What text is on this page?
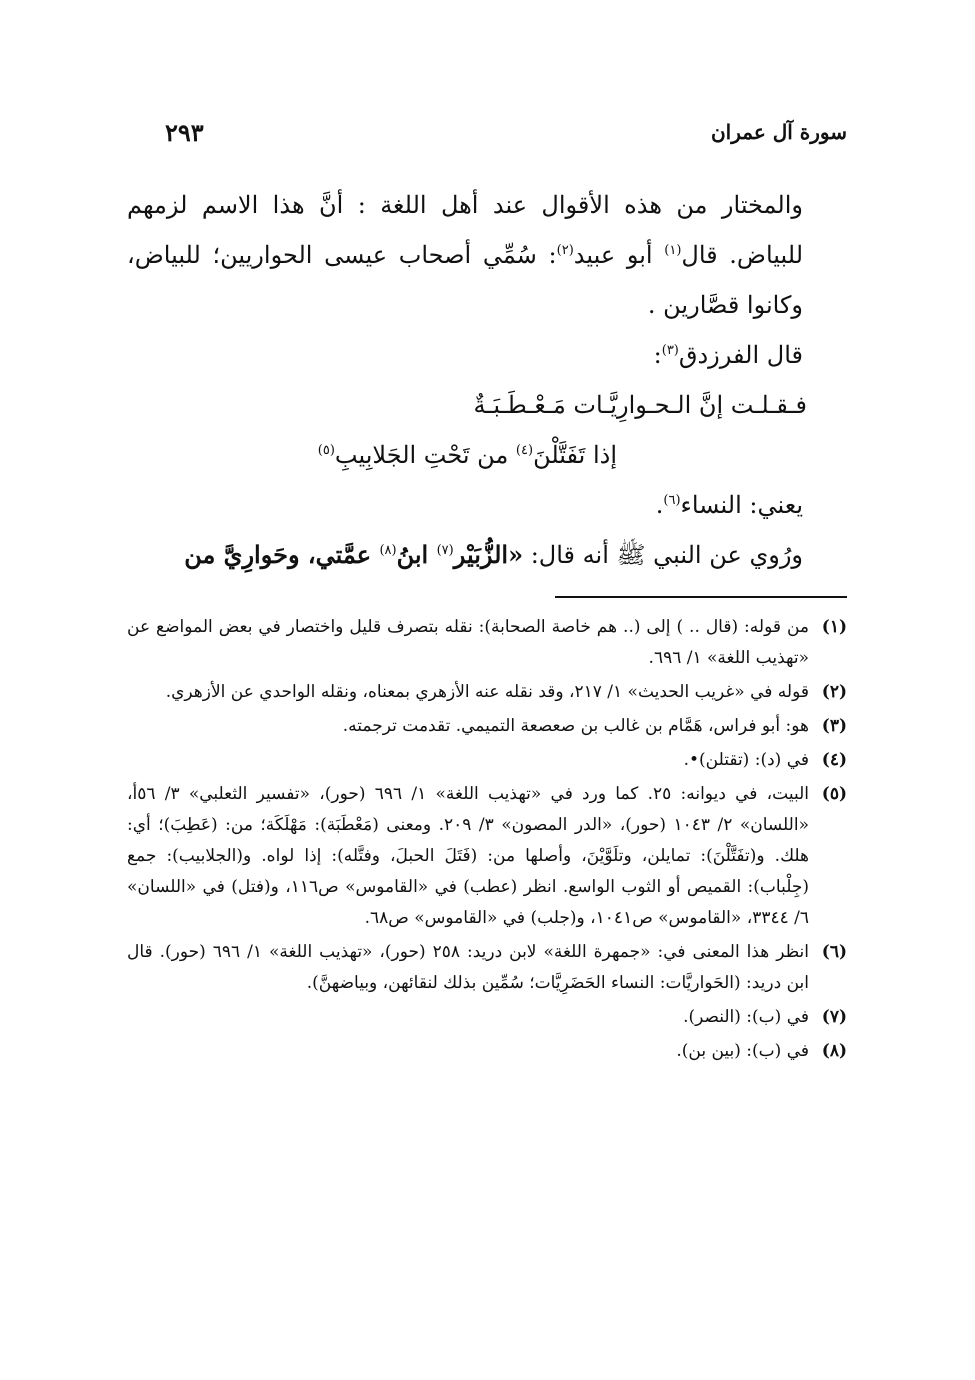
سورة آل عمران
٢٩٣

والمختار من هذه الأقوال عند أهل اللغة : أنَّ هذا الاسم لزمهم للبياض. قال$^{(١)}$ أبو عبيد$^{(٢)}$: سُمِّي أصحاب عيسى الحواريين؛ للبياض، وكانوا قصَّارين .

قال الفرزدق$^{(٣)}$:

فـقـلـت إنَّ الـحـوارِيَّـات مَـعْـطَـبَـةٌ

إذا تَفَتَّلْنَ$^{(٤)}$ من تَحْتِ الجَلابِيبِ$^{(٥)}$

يعني: النساء$^{(٦)}$.

ورُوي عن النبي ﷺ أنه قال: «الزُّبَيْر$^{(٧)}$ ابنُ$^{(٨)}$ عمَّتي، وحَوارِيَّ من

(١)
من قوله: (قال .. ) إلى (.. هم خاصة الصحابة): نقله بتصرف قليل واختصار في بعض المواضع عن «تهذيب اللغة» ١/ ٦٩٦.
(٢)
قوله في «غريب الحديث» ١/ ٢١٧، وقد نقله عنه الأزهري بمعناه، ونقله الواحدي عن الأزهري.
(٣)
هو: أبو فراس، هَمَّام بن غالب بن صعصعة التميمي. تقدمت ترجمته.
(٤)
في (د): (تقتلن)•.
(٥)
البيت، في ديوانه: ٢٥. كما ورد في «تهذيب اللغة» ١/ ٦٩٦ (حور)، «تفسير الثعلبي» ٣/ ٥٦أ، «اللسان» ٢/ ١٠٤٣ (حور)، «الدر المصون» ٣/ ٢٠٩. ومعنى (مَعْطَبَة): مَهْلَكَة؛ من: (عَطِبَ)؛ أي: هلك. و(تفَتَّلْنَ): تمايلن، وتلَوَّيْنَ، وأصلها من: (فَتَلَ الحبلَ، وفتَّله): إذا لواه. و(الجلابيب): جمع (جِلْباب): القميص أو الثوب الواسع. انظر (عطب) في «القاموس» ص١١٦، و(فتل) في «اللسان» ٦/ ٣٣٤٤، «القاموس» ص١٠٤١، و(جلب) في «القاموس» ص٦٨.
(٦)
انظر هذا المعنى في: «جمهرة اللغة» لابن دريد: ٢٥٨ (حور)، «تهذيب اللغة» ١/ ٦٩٦ (حور). قال ابن دريد: (الحَواريَّات: النساء الحَضَرِيَّات؛ سُمِّين بذلك لنقائهن، وبياضهنَّ).
(٧)
في (ب): (النصر).
(٨)
في (ب): (بين بن).
